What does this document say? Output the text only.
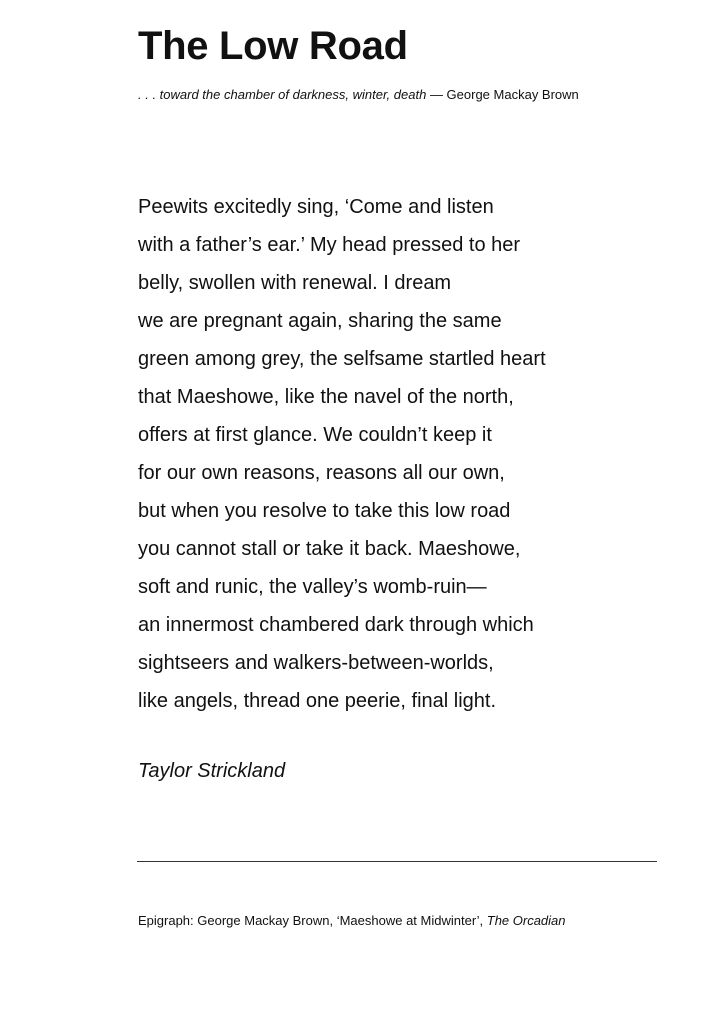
The Low Road

. . . toward the chamber of darkness, winter, death — George Mackay Brown

Peewits excitedly sing, ‘Come and listen
with a father’s ear.’ My head pressed to her
belly, swollen with renewal. I dream
we are pregnant again, sharing the same
green among grey, the selfsame startled heart
that Maeshowe, like the navel of the north,
offers at first glance. We couldn’t keep it
for our own reasons, reasons all our own,
but when you resolve to take this low road
you cannot stall or take it back. Maeshowe,
soft and runic, the valley’s womb-ruin—
an innermost chambered dark through which
sightseers and walkers-between-worlds,
like angels, thread one peerie, final light.

Taylor Strickland

Epigraph: George Mackay Brown, ‘Maeshowe at Midwinter’, The Orcadian
